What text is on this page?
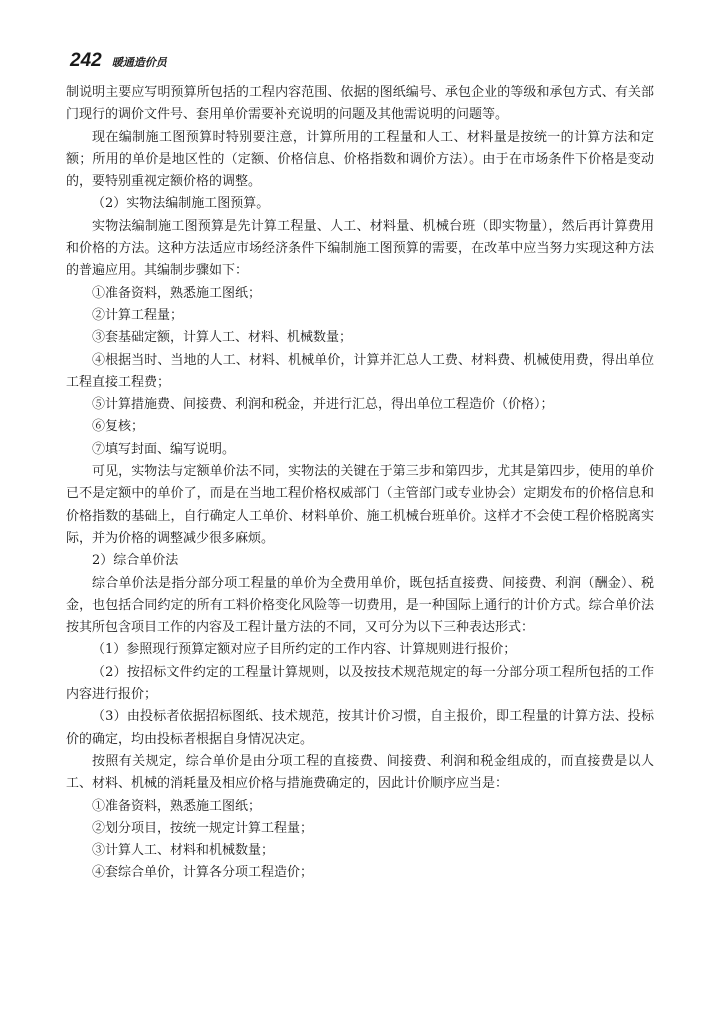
242 暖通造价员

制说明主要应写明预算所包括的工程内容范围、依据的图纸编号、承包企业的等级和承包方式、有关部门现行的调价文件号、套用单价需要补充说明的问题及其他需说明的问题等。

现在编制施工图预算时特别要注意，计算所用的工程量和人工、材料量是按统一的计算方法和定额；所用的单价是地区性的（定额、价格信息、价格指数和调价方法）。由于在市场条件下价格是变动的，要特别重视定额价格的调整。

（2）实物法编制施工图预算。

实物法编制施工图预算是先计算工程量、人工、材料量、机械台班（即实物量），然后再计算费用和价格的方法。这种方法适应市场经济条件下编制施工图预算的需要，在改革中应当努力实现这种方法的普遍应用。其编制步骤如下：

①准备资料，熟悉施工图纸；

②计算工程量；

③套基础定额，计算人工、材料、机械数量；

④根据当时、当地的人工、材料、机械单价，计算并汇总人工费、材料费、机械使用费，得出单位工程直接工程费；

⑤计算措施费、间接费、利润和税金，并进行汇总，得出单位工程造价（价格）；

⑥复核；

⑦填写封面、编写说明。

可见，实物法与定额单价法不同，实物法的关键在于第三步和第四步，尤其是第四步，使用的单价已不是定额中的单价了，而是在当地工程价格权威部门（主管部门或专业协会）定期发布的价格信息和价格指数的基础上，自行确定人工单价、材料单价、施工机械台班单价。这样才不会使工程价格脱离实际，并为价格的调整减少很多麻烦。

2）综合单价法

综合单价法是指分部分项工程量的单价为全费用单价，既包括直接费、间接费、利润（酬金）、税金，也包括合同约定的所有工料价格变化风险等一切费用，是一种国际上通行的计价方式。综合单价法按其所包含项目工作的内容及工程计量方法的不同，又可分为以下三种表达形式：

（1）参照现行预算定额对应子目所约定的工作内容、计算规则进行报价；

（2）按招标文件约定的工程量计算规则，以及按技术规范规定的每一分部分项工程所包括的工作内容进行报价；

（3）由投标者依据招标图纸、技术规范，按其计价习惯，自主报价，即工程量的计算方法、投标价的确定，均由投标者根据自身情况决定。

按照有关规定，综合单价是由分项工程的直接费、间接费、利润和税金组成的，而直接费是以人工、材料、机械的消耗量及相应价格与措施费确定的，因此计价顺序应当是：

①准备资料，熟悉施工图纸；

②划分项目，按统一规定计算工程量；

③计算人工、材料和机械数量；

④套综合单价，计算各分项工程造价；
